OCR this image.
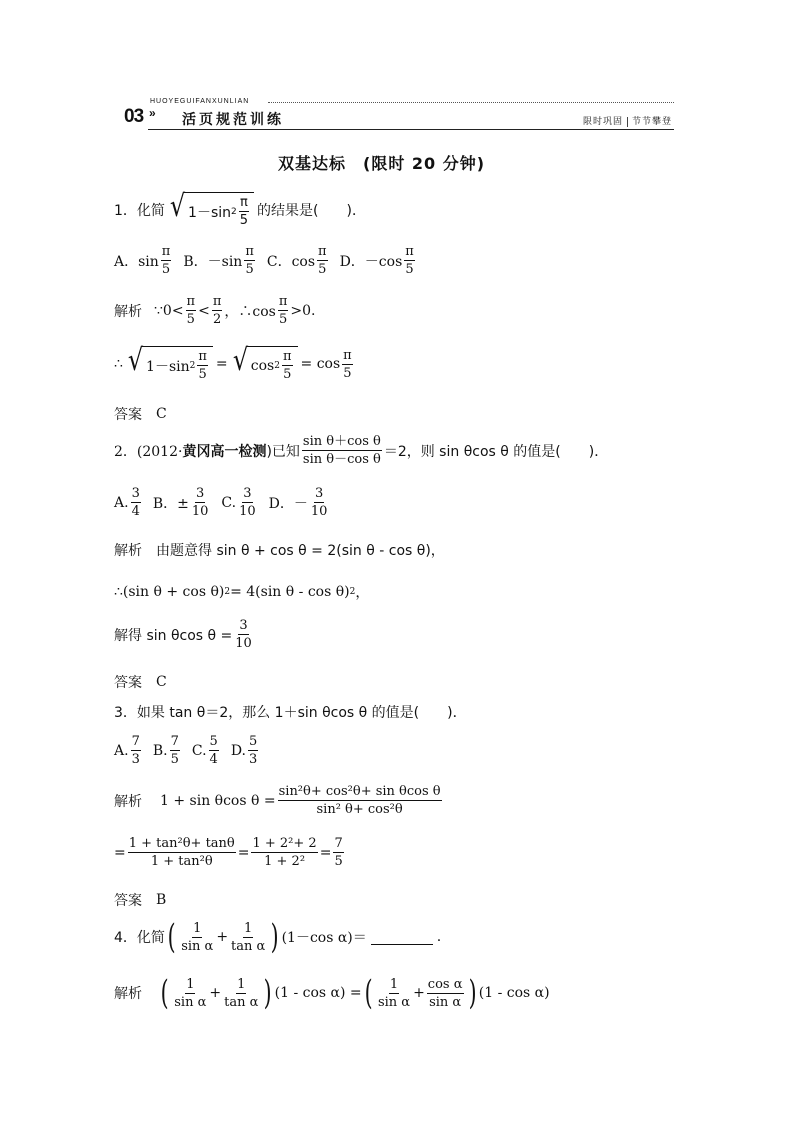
03 »
HUOYEGUIFANXUNLIAN
活页规范训练	限时巩固 节节攀登
双基达标　(限时 20 分钟)
1．化简 √ 1－sin $2 \frac{\pi}{5}$ 的结果是(　　)．
A．$\sin \frac{\pi}{5}$ B．$-\sin \frac{\pi}{5}$ C．$\cos \frac{\pi}{5}$ D．$-\cos \frac{\pi}{5}$
解析 ∵0< $\frac{\pi}{5} < \frac{\pi}{2}$ ，∴cos $\frac{\pi}{5} >0$.
∴ √ 1－sin $2 \frac{\pi}{5}$ = √ $\cos 2 \frac{\pi}{5} = \cos \frac{\pi}{5}$
答案 C
2．(2012· 黄冈高一检测 )已知 $\frac{\text{sin θ＋cos θ}}{\text{sin θ－cos θ}} =2$，则 sin θcos θ 的值是(　　)．
A. $\frac{3}{4}$ B．± $\frac{3}{10} C$. $\frac{3}{10}$ D．－ $\frac{3}{10}$
解析 由题意得 sin θ + cos θ = 2(sin θ - cos θ)，
∴(sin θ + cos θ) 2 = 4(sin θ - cos θ) 2 ，
解得 sin θcos $\theta = \frac{3}{10}$
答案 C
3．如果 tan θ＝2，那么 1＋sin θcos θ 的值是(　　)．
A. $\frac{7}{3} B$. $\frac{7}{5} C$. $\frac{5}{4} D$. $\frac{5}{3}$
解析 1 + sin θcos $\theta = \frac{\text{sin²θ+ cos²θ+ sin θcos θ}}{\text{sin² θ+ cos²θ}}$
= $\frac{\text{1 + tan²θ+ tanθ}}{\text{1 + tan²θ}} = \frac{\text{1 + 2²+ 2}}{\text{1 + 2²}} = \frac{7}{5}$
答案 B
4．化简 ( $\frac{1}{\text{sin α}} + \frac{1}{\text{tan α}}$ ) (1－cos α)＝	.
解析 ( $\frac{1}{\text{sin α}} + \frac{1}{\text{tan α}}$ ) (1 - cos α) = ( $\frac{1}{\text{sin α}} + \frac{\text{cos α}}{\text{sin α}}$ ) (1 - cos α)
